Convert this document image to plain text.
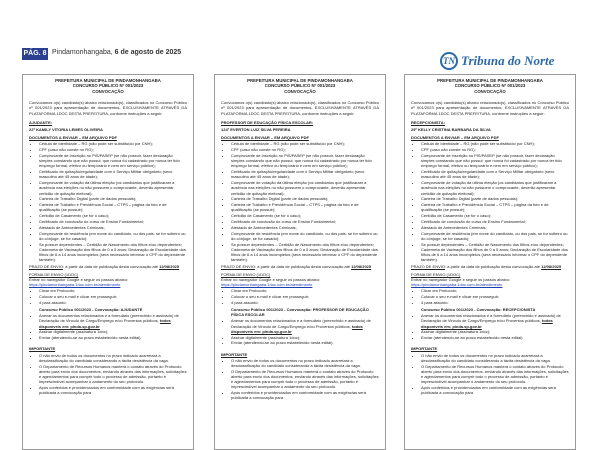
PÁG. 8 Pindamonhangaba, 6 de agosto de 2025
TN Tribuna do Norte
PREFEITURA MUNICIPAL DE PINDAMONHANGABA
CONCURSO PÚBLICO Nº 001/2023
CONVOCAÇÃO
Convocamos o(s) candidato(s) abaixo relacionado(s), classificados no Concurso Público nº 001/2023 para apresentação de documentos, EXCLUSIVAMENTE ATRAVÉS DA PLATAFORMA 1DOC DESTA PREFEITURA, conforme instruções a seguir:
AJUDANTE:
22º KAMILY VITORIA LEMES OLIVEIRA
DOCUMENTOS A ENVIAR – EM ARQUIVO PDF
• Cédula de Identidade – RG (não pode ser substituído por CNH);
• CPF (caso não conste no RG);
• Comprovante de inscrição no PIS/PASEP (se não possuir, fazer declaração simples constando que não possui; que nunca foi cadastrado por nunca ter tido emprego formal, efetivo ou temporário e nem em serviço público);
• Certificado de quitação/regularidade com o Serviço Militar obrigatório (sexo masculino até 45 anos de idade);
• Comprovante de votação da última eleição (os candidatos que justificaram a ausência nas eleições no não possuem o comprovante, deverão apresentar certidão de quitação eleitoral);
• Carteira de Trabalho Digital (parte de dados pessoais);
• Carteira de Trabalho e Previdência Social – CTPS – página da foto e de qualificação (se possuir);
• Certidão de Casamento (se for o caso);
• Certificado de conclusão do curso de Ensino Fundamental;
• Atestado de Antecedentes Criminais;
• Comprovante de residência (em nome do candidato, ou dos pais, se for solteiro ou do cônjuge, se for casado);
• Se possuir dependentes – Certidão de Nascimento dos filhos e/ou dependentes; Caderneta de Vacinação dos filhos de 0 a 5 anos; Declaração de Escolaridade dos filhos de 6 a 14 anos incompletos (será necessário informar o CPF do dependente também).
PRAZO DE ENVIO: a partir da data de publicação desta convocação até 12/08/2025
FORMA DE ENVIO (1DOC)
Entrar no navegador Google e seguir os passos abaixo:
https://pindamonhangaba.1doc.com.br/atendimento
• Clicar em Protocolo;
• Colocar o seu e-mail e clicar em prosseguir;
• 4 para assunto:
Concurso Público 001/2023 - Convocação: AJUDANTE
• Anexar os documentos relacionados e a formulário (preenchido e assinado) de Declaração de Vinculo de Cargo/Emprego e/ou Proventos públicos, todos disponíveis em: pinda.sp.gov.br
• Assinar digitalmente (assinatura 1doc);
• Enviar (atendendo-se ao prazo estabelecido nesta edital).
IMPORTANTE
• O não envio de todos os documentos no prazo indicado acarretará a desclassificação do candidato considerando a tácita desistência da vaga.
• O Departamento de Recursos Humanos manterá o contato através do Protocolo aberto para envio dos documentos, enviando através das informações, solicitações e agendamentos para cumprir todo o processo de admissão, portanto é imprescindível acompanhar o andamento do seu protocolo.
• Após conferidos e providenciados em conformidade com as exigências será publicada a convocação para
PREFEITURA MUNICIPAL DE PINDAMONHANGABA
CONCURSO PÚBLICO Nº 001/2023
CONVOCAÇÃO
Convocamos o(s) candidato(s) abaixo relacionado(s), classificados no Concurso Público nº 001/2023 para apresentação de documentos, EXCLUSIVAMENTE ATRAVÉS DA PLATAFORMA 1DOC DESTA PREFEITURA, conforme instruções a seguir:
PROFESSOR DE EDUCAÇÃO FÍSICA ESCOLAR:
124º EVERTON LUIZ SILVA PEREIRA
DOCUMENTOS A ENVIAR – EM ARQUIVO PDF
• Cédula de Identidade – RG (não pode ser substituído por CNH);
• CPF (caso não conste no RG);
• Comprovante de inscrição no PIS/PASEP (se não possuir, fazer declaração simples constando que não possui; que nunca foi cadastrado por nunca ter tido emprego formal, efetivo ou temporário e nem em serviço público);
• Certificado de quitação/regularidade com o Serviço Militar obrigatório (sexo masculino até 45 anos de idade);
• Comprovante de votação da última eleição (os candidatos que justificaram a ausência nas eleições no não possuem o comprovante, deverão apresentar certidão de quitação eleitoral);
• Carteira de Trabalho Digital (parte de dados pessoais);
• Carteira de Trabalho e Previdência Social – CTPS – página da foto e de qualificação (se possuir);
• Certidão de Casamento (se for o caso);
• Certificado de conclusão do curso de Ensino Fundamental;
• Atestado de Antecedentes Criminais;
• Comprovante de residência (em nome do candidato, ou dos pais, se for solteiro ou do cônjuge, se for casado);
• Se possuir dependentes – Certidão de Nascimento dos filhos e/ou dependentes; Caderneta de Vacinação dos filhos de 0 a 5 anos; Declaração de Escolaridade dos filhos de 6 a 14 anos incompletos (será necessário informar o CPF do dependente também).
PRAZO DE ENVIO: a partir da data de publicação desta convocação até 12/08/2025
FORMA DE ENVIO (1DOC)
Entrar no navegador Google e seguir os passos abaixo:
https://pindamonhangaba.1doc.com.br/atendimento
• Clicar em Protocolo;
• Colocar o seu e-mail e clicar em prosseguir;
• 4 para assunto:
Concurso Público 001/2023 - Convocação: PROFESSOR DE EDUCAÇÃO FÍSICA ESCOLAR
• Anexar os documentos relacionados e a formulário (preenchido e assinado) de Declaração de Vinculo de Cargo/Emprego e/ou Proventos públicos, todos disponíveis em: pinda.sp.gov.br
• Assinar digitalmente (assinatura 1doc);
• Enviar (atendendo-se ao prazo estabelecido nesta edital).
IMPORTANTE
• O não envio de todos os documentos no prazo indicado acarretará a desclassificação do candidato considerando a tácita desistência da vaga.
• O Departamento de Recursos Humanos manterá o contato através do Protocolo aberto para envio dos documentos, enviando através das informações, solicitações e agendamentos para cumprir todo o processo de admissão, portanto é imprescindível acompanhar o andamento do seu protocolo.
• Após conferidos e providenciados em conformidade com as exigências será publicada a convocação para
PREFEITURA MUNICIPAL DE PINDAMONHANGABA
CONCURSO PÚBLICO Nº 001/2023
CONVOCAÇÃO
Convocamos o(s) candidato(s) abaixo relacionado(s), classificados no Concurso Público nº 001/2023 para apresentação de documentos, EXCLUSIVAMENTE ATRAVÉS DA PLATAFORMA 1DOC DESTA PREFEITURA, conforme instruções a seguir:
RECEPCIONISTA:
29º KELLY CRISTINA BARBARA DA SILVA
DOCUMENTOS A ENVIAR – EM ARQUIVO PDF
• Cédula de Identidade – RG (não pode ser substituído por CNH);
• CPF (caso não conste no RG);
• Comprovante de inscrição no PIS/PASEP (se não possuir, fazer declaração simples constando que não possui; que nunca foi cadastrado por nunca ter tido emprego formal, efetivo ou temporário e nem em serviço público);
• Certificado de quitação/regularidade com o Serviço Militar obrigatório (sexo masculino até 45 anos de idade);
• Comprovante de votação da última eleição (os candidatos que justificaram a ausência nas eleições no não possuem o comprovante, deverão apresentar certidão de quitação eleitoral);
• Carteira de Trabalho Digital (parte de dados pessoais);
• Carteira de Trabalho e Previdência Social – CTPS – página da foto e de qualificação (se possuir);
• Certidão de Casamento (se for o caso);
• Certificado de conclusão do curso de Ensino Fundamental;
• Atestado de Antecedentes Criminais;
• Comprovante de residência (em nome do candidato, ou dos pais, se for solteiro ou do cônjuge, se for casado);
• Se possuir dependentes – Certidão de Nascimento dos filhos e/ou dependentes; Caderneta de Vacinação dos filhos de 0 a 5 anos; Declaração de Escolaridade dos filhos de 6 a 14 anos incompletos (será necessário informar o CPF do dependente também).
PRAZO DE ENVIO: a partir da data de publicação desta convocação até 12/08/2025
FORMA DE ENVIO (1DOC)
Entrar no navegador Google e seguir os passos abaixo:
https://pindamonhangaba.1doc.com.br/atendimento
• Clicar em Protocolo;
• Colocar o seu e-mail e clicar em prosseguir;
• 4 para assunto:
Concurso Público 001/2023 - Convocação: RECEPCIONISTA
• Anexar os documentos relacionados e a formulário (preenchido e assinado) de Declaração de Vinculo de Cargo/Emprego e/ou Proventos públicos, todos disponíveis em: pinda.sp.gov.br
• Assinar digitalmente (assinatura 1doc);
• Enviar (atendendo-se ao prazo estabelecido nesta edital).
IMPORTANTE
• O não envio de todos os documentos no prazo indicado acarretará a desclassificação do candidato considerando a tácita desistência da vaga.
• O Departamento de Recursos Humanos manterá o contato através do Protocolo aberto para envio dos documentos, enviando através das informações, solicitações e agendamentos para cumprir todo o processo de admissão, portanto é imprescindível acompanhar o andamento do seu protocolo.
• Após conferidos e providenciados em conformidade com as exigências será publicada a convocação para
